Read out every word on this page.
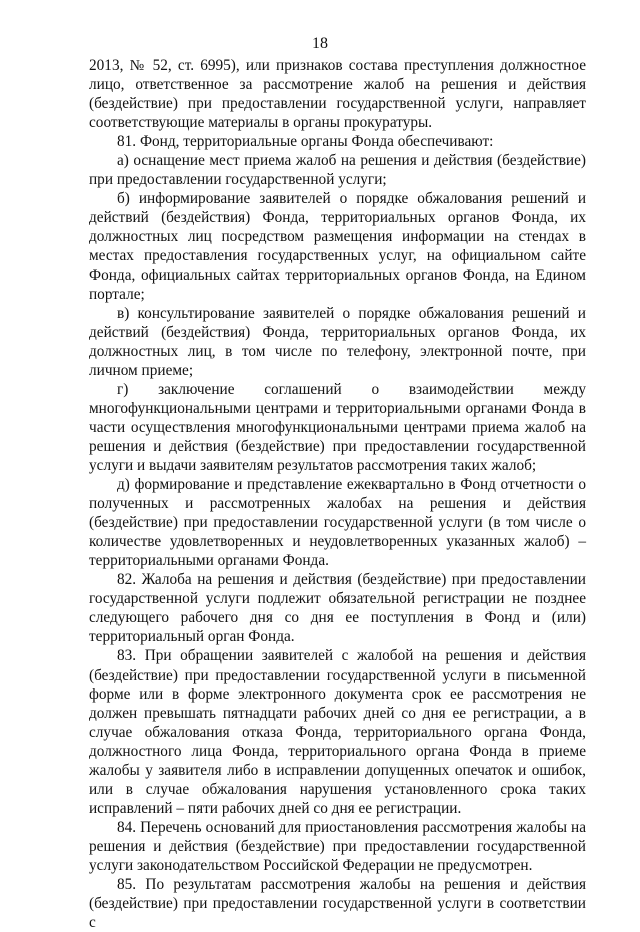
18

2013, № 52, ст. 6995), или признаков состава преступления должностное лицо, ответственное за рассмотрение жалоб на решения и действия (бездействие) при предоставлении государственной услуги, направляет соответствующие материалы в органы прокуратуры.

81. Фонд, территориальные органы Фонда обеспечивают:

а) оснащение мест приема жалоб на решения и действия (бездействие) при предоставлении государственной услуги;

б) информирование заявителей о порядке обжалования решений и действий (бездействия) Фонда, территориальных органов Фонда, их должностных лиц посредством размещения информации на стендах в местах предоставления государственных услуг, на официальном сайте Фонда, официальных сайтах территориальных органов Фонда, на Едином портале;

в) консультирование заявителей о порядке обжалования решений и действий (бездействия) Фонда, территориальных органов Фонда, их должностных лиц, в том числе по телефону, электронной почте, при личном приеме;

г) заключение соглашений о взаимодействии между многофункциональными центрами и территориальными органами Фонда в части осуществления многофункциональными центрами приема жалоб на решения и действия (бездействие) при предоставлении государственной услуги и выдачи заявителям результатов рассмотрения таких жалоб;

д) формирование и представление ежеквартально в Фонд отчетности о полученных и рассмотренных жалобах на решения и действия (бездействие) при предоставлении государственной услуги (в том числе о количестве удовлетворенных и неудовлетворенных указанных жалоб) – территориальными органами Фонда.

82. Жалоба на решения и действия (бездействие) при предоставлении государственной услуги подлежит обязательной регистрации не позднее следующего рабочего дня со дня ее поступления в Фонд и (или) территориальный орган Фонда.

83. При обращении заявителей с жалобой на решения и действия (бездействие) при предоставлении государственной услуги в письменной форме или в форме электронного документа срок ее рассмотрения не должен превышать пятнадцати рабочих дней со дня ее регистрации, а в случае обжалования отказа Фонда, территориального органа Фонда, должностного лица Фонда, территориального органа Фонда в приеме жалобы у заявителя либо в исправлении допущенных опечаток и ошибок, или в случае обжалования нарушения установленного срока таких исправлений – пяти рабочих дней со дня ее регистрации.

84. Перечень оснований для приостановления рассмотрения жалобы на решения и действия (бездействие) при предоставлении государственной услуги законодательством Российской Федерации не предусмотрен.

85. По результатам рассмотрения жалобы на решения и действия (бездействие) при предоставлении государственной услуги в соответствии с
